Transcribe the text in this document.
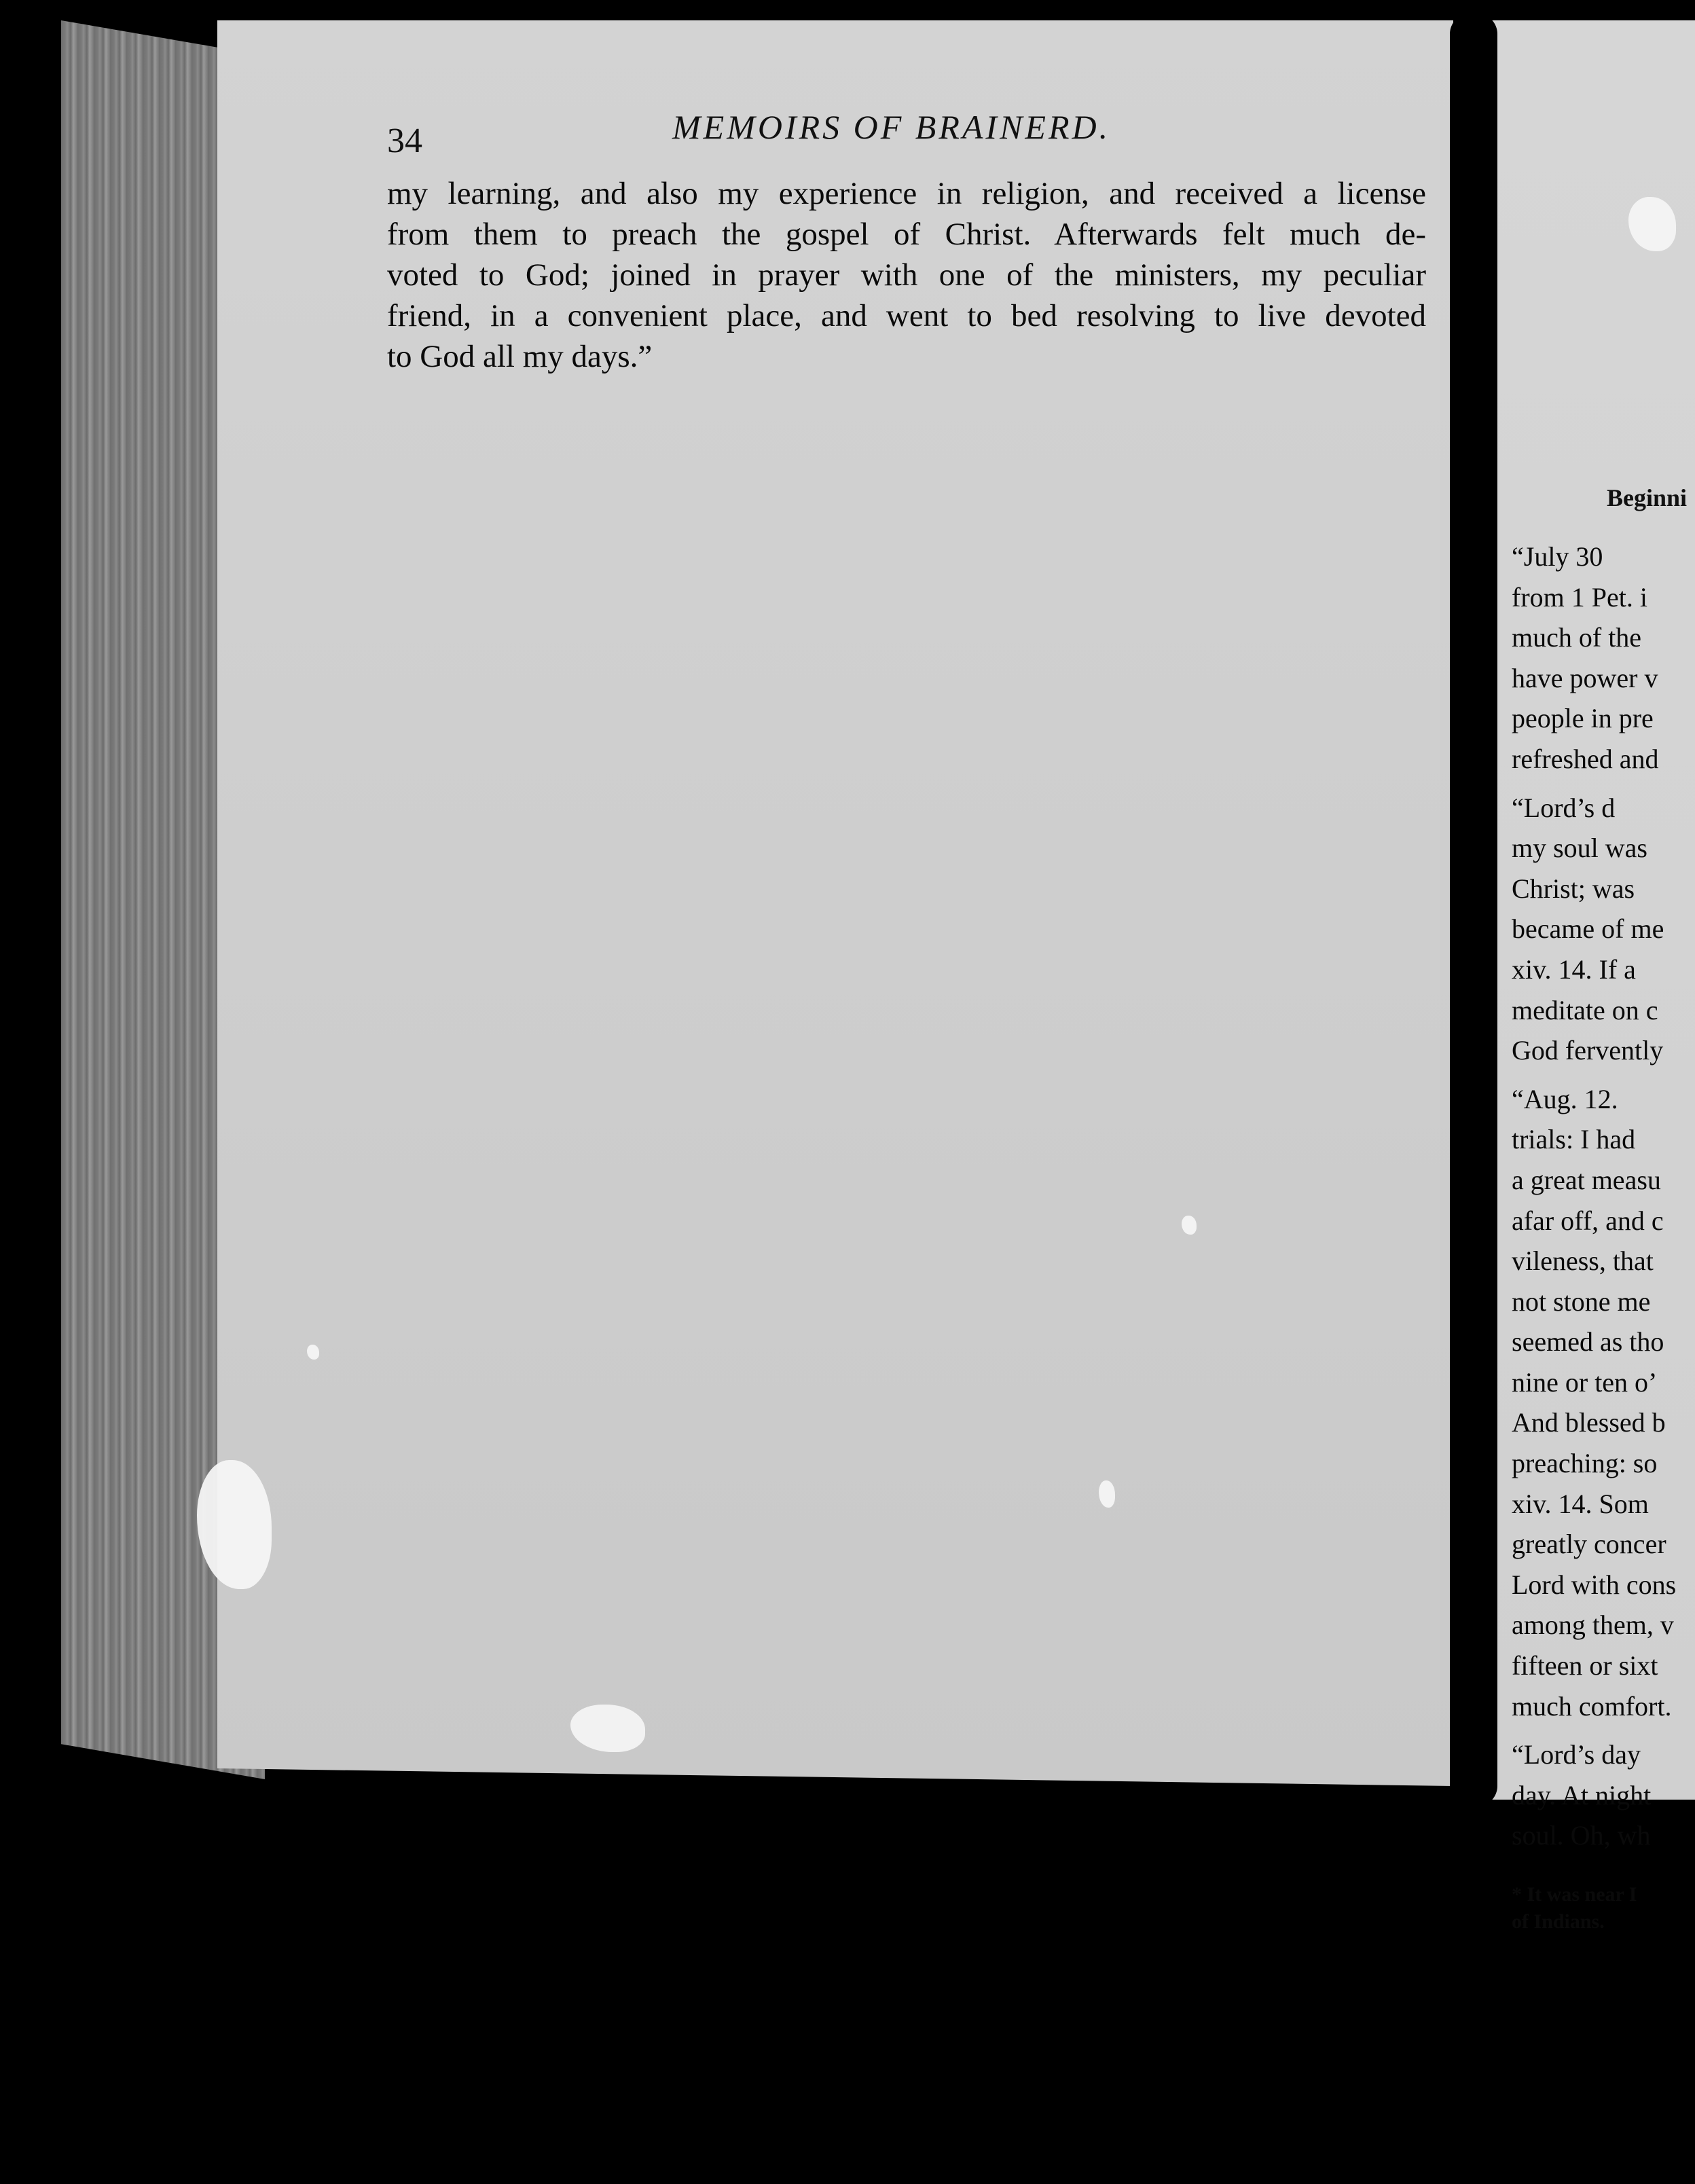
34	MEMOIRS OF BRAINERD.
my learning, and also my experience in religion, and received a license
from them to preach the gospel of Christ. Afterwards felt much de-
voted to God; joined in prayer with one of the ministers, my peculiar
friend, in a convenient place, and went to bed resolving to live devoted
to God all my days.”
Beginni
“July 30
from 1 Pet. i
much of the
have power v
people in pre
refreshed and
“Lord’s d
my soul was
Christ; was
became of me
xiv. 14. If a
meditate on c
God fervently
“Aug. 12.
trials: I had
a great measu
afar off, and c
vileness, that
not stone me
seemed as tho
nine or ten o’
And blessed b
preaching: so
xiv. 14. Som
greatly concer
Lord with cons
among them, v
fifteen or sixt
much comfort.
“Lord’s day
day. At night
soul. Oh, wh
* It was near I
of Indians.
